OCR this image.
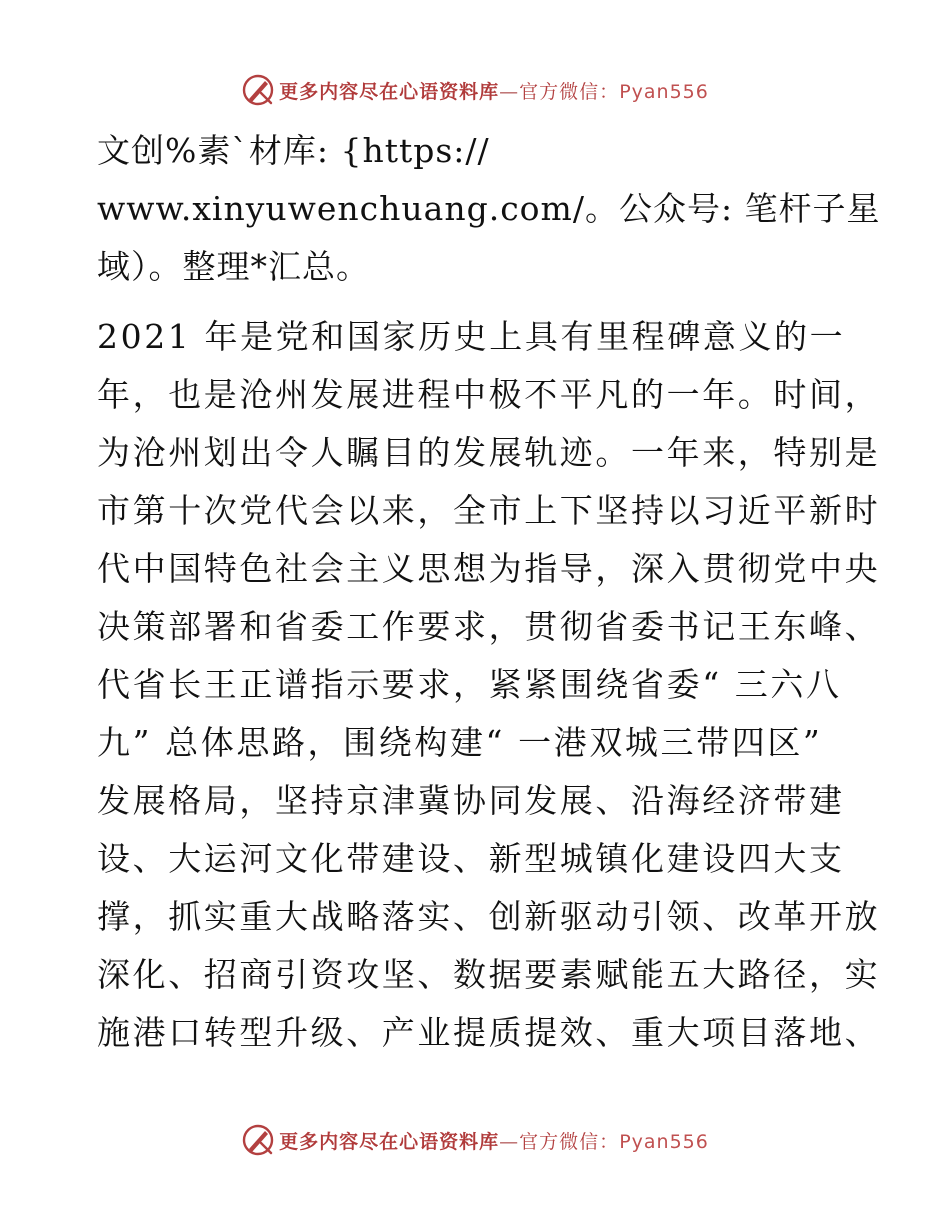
更多内容尽在心语资料库—官方微信：Pyan556
文创%素`材库: {https://
www.xinyuwenchuang.com/。公众号: 笔杆子星
域）。整理*汇总。
2021 年是党和国家历史上具有里程碑意义的一
年，也是沧州发展进程中极不平凡的一年。时间，
为沧州划出令人瞩目的发展轨迹。一年来，特别是
市第十次党代会以来，全市上下坚持以习近平新时
代中国特色社会主义思想为指导，深入贯彻党中央
决策部署和省委工作要求，贯彻省委书记王东峰、
代省长王正谱指示要求，紧紧围绕省委“ 三六八
九” 总体思路，围绕构建“ 一港双城三带四区”
发展格局，坚持京津冀协同发展、沿海经济带建
设、大运河文化带建设、新型城镇化建设四大支
撑，抓实重大战略落实、创新驱动引领、改革开放
深化、招商引资攻坚、数据要素赋能五大路径，实
施港口转型升级、产业提质提效、重大项目落地、
更多内容尽在心语资料库—官方微信：Pyan556
